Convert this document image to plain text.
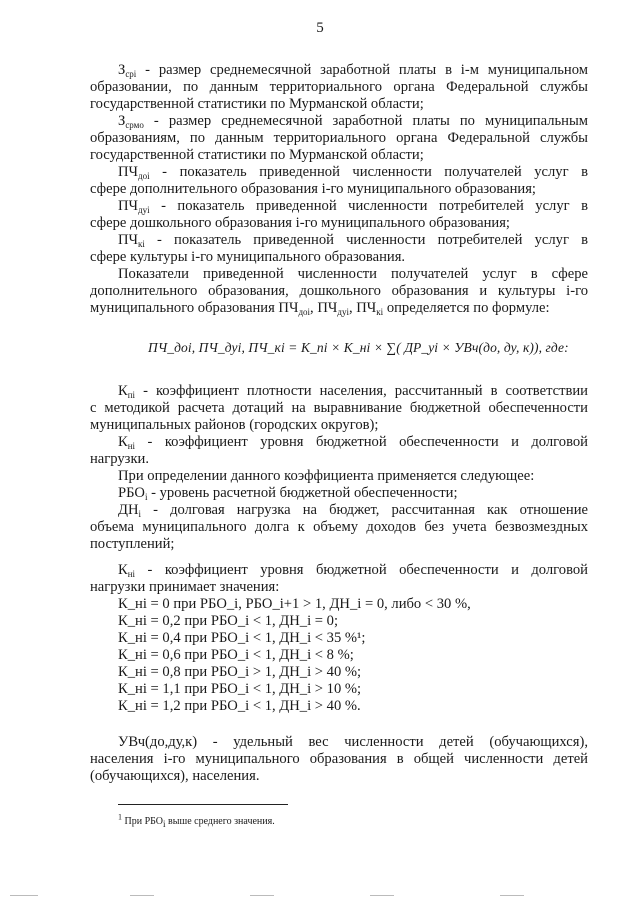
5
$З_{срi}$ - размер среднемесячной заработной платы в i-м муниципальном
образовании, по данным территориального органа Федеральной службы
государственной статистики по Мурманской области;
$З_{срмо}$ - размер среднемесячной заработной платы по муниципальным
образованиям, по данным территориального органа Федеральной службы
государственной статистики по Мурманской области;
$ПЧ_{доi}$ - показатель приведенной численности получателей услуг в
сфере дополнительного образования i-го муниципального образования;
$ПЧ_{дуi}$ - показатель приведенной численности потребителей услуг в
сфере дошкольного образования i-го муниципального образования;
$ПЧ_{кi}$ - показатель приведенной численности потребителей услуг в
сфере культуры i-го муниципального образования.
Показатели приведенной численности получателей услуг в сфере
дополнительного образования, дошкольного образования и культуры i-го
муниципального образования $ПЧ_{доi}$, $ПЧ_{дуi}$, $ПЧ_{кi}$ определяется по формуле:
ПЧ_доi, ПЧ_дуi, ПЧ_кi = K_пi × K_нi × ∑( ДР_уi × УВч(до, ду, к)), где:
$К_{пi}$ - коэффициент плотности населения, рассчитанный в соответствии
с методикой расчета дотаций на выравнивание бюджетной обеспеченности
муниципальных районов (городских округов);
$К_{нi}$ - коэффициент уровня бюджетной обеспеченности и долговой
нагрузки.
При определении данного коэффициента применяется следующее:
$РБО_i$ - уровень расчетной бюджетной обеспеченности;
$ДН_i$ - долговая нагрузка на бюджет, рассчитанная как отношение
объема муниципального долга к объему доходов без учета безвозмездных
поступлений;
$К_{нi}$ - коэффициент уровня бюджетной обеспеченности и долговой
нагрузки принимает значения:
К_нi = 0 при РБО_i, РБО_i+1 > 1, ДН_i = 0, либо < 30 %,
К_нi = 0,2 при РБО_i < 1, ДН_i = 0;
К_нi = 0,4 при РБО_i < 1, ДН_i < 35 %¹;
К_нi = 0,6 при РБО_i < 1, ДН_i < 8 %;
К_нi = 0,8 при РБО_i > 1, ДН_i > 40 %;
К_нi = 1,1 при РБО_i < 1, ДН_i > 10 %;
К_нi = 1,2 при РБО_i < 1, ДН_i > 40 %.
УВч(до,ду,к) - удельный вес численности детей (обучающихся),
населения i-го муниципального образования в общей численности детей
(обучающихся), населения.
$^1$ При $РБО_i$ выше среднего значения.
